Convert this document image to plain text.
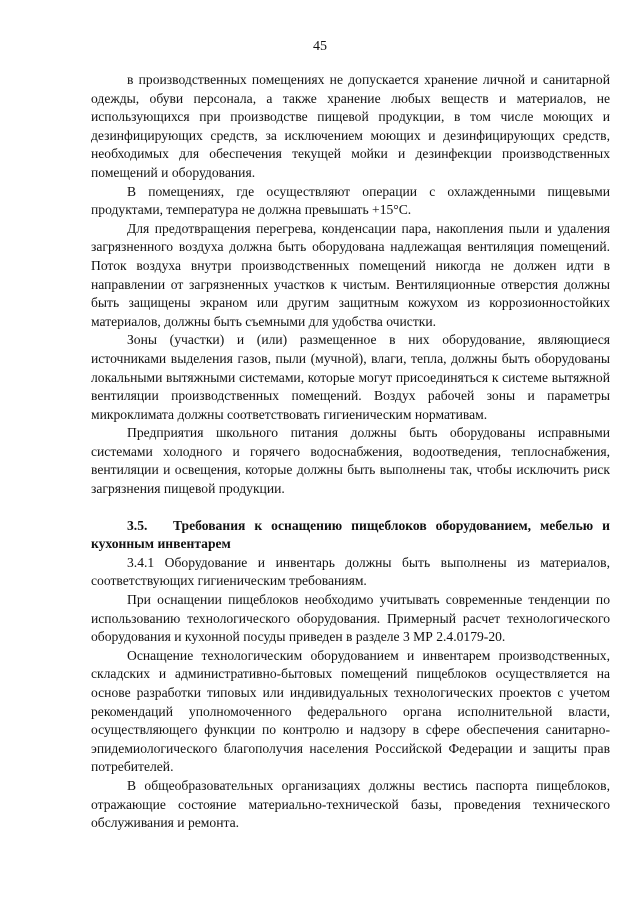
45

в производственных помещениях не допускается хранение личной и санитарной одежды, обуви персонала, а также хранение любых веществ и материалов, не использующихся при производстве пищевой продукции, в том числе моющих и дезинфицирующих средств, за исключением моющих и дезинфицирующих средств, необходимых для обеспечения текущей мойки и дезинфекции производственных помещений и оборудования.

В помещениях, где осуществляют операции с охлажденными пищевыми продуктами, температура не должна превышать +15°С.

Для предотвращения перегрева, конденсации пара, накопления пыли и удаления загрязненного воздуха должна быть оборудована надлежащая вентиляция помещений. Поток воздуха внутри производственных помещений никогда не должен идти в направлении от загрязненных участков к чистым. Вентиляционные отверстия должны быть защищены экраном или другим защитным кожухом из коррозионностойких материалов, должны быть съемными для удобства очистки.

Зоны (участки) и (или) размещенное в них оборудование, являющиеся источниками выделения газов, пыли (мучной), влаги, тепла, должны быть оборудованы локальными вытяжными системами, которые могут присоединяться к системе вытяжной вентиляции производственных помещений. Воздух рабочей зоны и параметры микроклимата должны соответствовать гигиеническим нормативам.

Предприятия школьного питания должны быть оборудованы исправными системами холодного и горячего водоснабжения, водоотведения, теплоснабжения, вентиляции и освещения, которые должны быть выполнены так, чтобы исключить риск загрязнения пищевой продукции.

3.5. Требования к оснащению пищеблоков оборудованием, мебелью и кухонным инвентарем

3.4.1 Оборудование и инвентарь должны быть выполнены из материалов, соответствующих гигиеническим требованиям.

При оснащении пищеблоков необходимо учитывать современные тенденции по использованию технологического оборудования. Примерный расчет технологического оборудования и кухонной посуды приведен в разделе 3 МР 2.4.0179-20.

Оснащение технологическим оборудованием и инвентарем производственных, складских и административно-бытовых помещений пищеблоков осуществляется на основе разработки типовых или индивидуальных технологических проектов с учетом рекомендаций уполномоченного федерального органа исполнительной власти, осуществляющего функции по контролю и надзору в сфере обеспечения санитарно-эпидемиологического благополучия населения Российской Федерации и защиты прав потребителей.

В общеобразовательных организациях должны вестись паспорта пищеблоков, отражающие состояние материально-технической базы, проведения технического обслуживания и ремонта.
